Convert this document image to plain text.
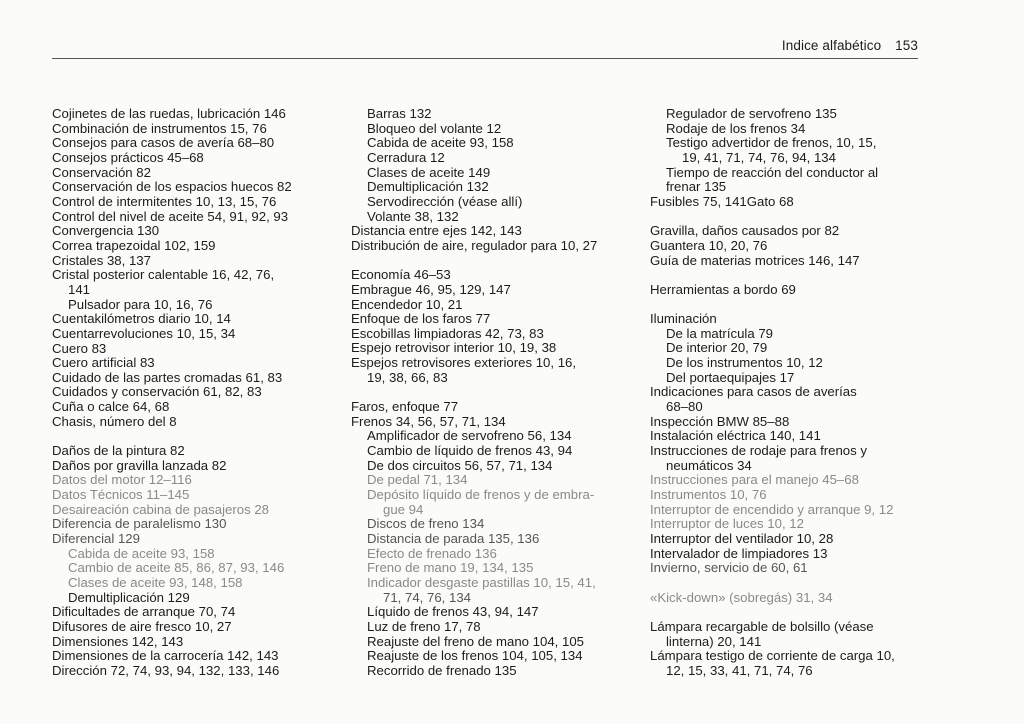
Indice alfabético 153
Cojinetes de las ruedas, lubricación 146
Combinación de instrumentos 15, 76
Consejos para casos de avería 68–80
Consejos prácticos 45–68
Conservación 82
Conservación de los espacios huecos 82
Control de intermitentes 10, 13, 15, 76
Control del nivel de aceite 54, 91, 92, 93
Convergencia 130
Correa trapezoidal 102, 159
Cristales 38, 137
Cristal posterior calentable 16, 42, 76,
141
Pulsador para 10, 16, 76
Cuentakilómetros diario 10, 14
Cuentarrevoluciones 10, 15, 34
Cuero 83
Cuero artificial 83
Cuidado de las partes cromadas 61, 83
Cuidados y conservación 61, 82, 83
Cuña o calce 64, 68
Chasis, número del 8
Daños de la pintura 82
Daños por gravilla lanzada 82
Datos del motor 12–116
Datos Técnicos 11–145
Desaireación cabina de pasajeros 28
Diferencia de paralelismo 130
Diferencial 129
Cabida de aceite 93, 158
Cambio de aceite 85, 86, 87, 93, 146
Clases de aceite 93, 148, 158
Demultiplicación 129
Dificultades de arranque 70, 74
Difusores de aire fresco 10, 27
Dimensiones 142, 143
Dimensiones de la carrocería 142, 143
Dirección 72, 74, 93, 94, 132, 133, 146
Barras 132
Bloqueo del volante 12
Cabida de aceite 93, 158
Cerradura 12
Clases de aceite 149
Demultiplicación 132
Servodirección (véase allí)
Volante 38, 132
Distancia entre ejes 142, 143
Distribución de aire, regulador para 10, 27
Economía 46–53
Embrague 46, 95, 129, 147
Encendedor 10, 21
Enfoque de los faros 77
Escobillas limpiadoras 42, 73, 83
Espejo retrovisor interior 10, 19, 38
Espejos retrovisores exteriores 10, 16,
19, 38, 66, 83
Faros, enfoque 77
Frenos 34, 56, 57, 71, 134
Amplificador de servofreno 56, 134
Cambio de líquido de frenos 43, 94
De dos circuitos 56, 57, 71, 134
De pedal 71, 134
Depósito líquido de frenos y de embra-
gue 94
Discos de freno 134
Distancia de parada 135, 136
Efecto de frenado 136
Freno de mano 19, 134, 135
Indicador desgaste pastillas 10, 15, 41,
71, 74, 76, 134
Líquido de frenos 43, 94, 147
Luz de freno 17, 78
Reajuste del freno de mano 104, 105
Reajuste de los frenos 104, 105, 134
Recorrido de frenado 135
Regulador de servofreno 135
Rodaje de los frenos 34
Testigo advertidor de frenos, 10, 15,
19, 41, 71, 74, 76, 94, 134
Tiempo de reacción del conductor al
frenar 135
Fusibles 75, 141Gato 68
Gravilla, daños causados por 82
Guantera 10, 20, 76
Guía de materias motrices 146, 147
Herramientas a bordo 69
Iluminación
De la matrícula 79
De interior 20, 79
De los instrumentos 10, 12
Del portaequipajes 17
Indicaciones para casos de averías
68–80
Inspección BMW 85–88
Instalación eléctrica 140, 141
Instrucciones de rodaje para frenos y
neumáticos 34
Instrucciones para el manejo 45–68
Instrumentos 10, 76
Interruptor de encendido y arranque 9, 12
Interruptor de luces 10, 12
Interruptor del ventilador 10, 28
Intervalador de limpiadores 13
Invierno, servicio de 60, 61
«Kick-down» (sobregás) 31, 34
Lámpara recargable de bolsillo (véase
linterna) 20, 141
Lámpara testigo de corriente de carga 10,
12, 15, 33, 41, 71, 74, 76
